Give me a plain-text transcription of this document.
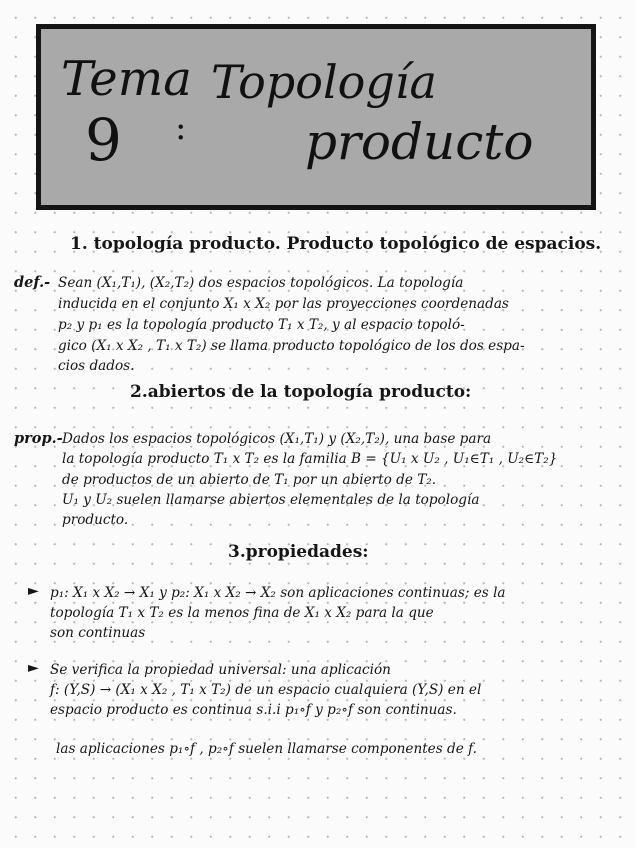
Tema
9 :
Topología
producto
1. topología producto. Producto topológico de espacios.
def.- Sean (X₁,T₁), (X₂,T₂) dos espacios topológicos. La topología
inducida en el conjunto X₁ x X₂ por las proyecciones coordenadas
p₂ y p₁ es la topología producto T₁ x T₂, y al espacio topoló-
gico (X₁ x X₂ , T₁ x T₂) se llama producto topológico de los dos espa-
cios dados.
2.abiertos de la topología producto:
prop.- Dados los espacios topológicos (X₁,T₁) y (X₂,T₂), una base para
la topología producto T₁ x T₂ es la familia B = {U₁ x U₂ , U₁∈T₁ , U₂∈T₂}
de productos de un abierto de T₁ por un abierto de T₂.
U₁ y U₂ suelen llamarse abiertos elementales de la topología
producto.
3.propiedades:
► p₁: X₁ x X₂ → X₁ y p₂: X₁ x X₂ → X₂ son aplicaciones continuas; es la
topología T₁ x T₂ es la menos fina de X₁ x X₂ para la que
son continuas
► Se verifica la propiedad universal: una aplicación
f: (Y,S) → (X₁ x X₂ , T₁ x T₂) de un espacio cualquiera (Y,S) en el
espacio producto es continua s.i.i p₁∘f y p₂∘f son continuas.
las aplicaciones p₁∘f , p₂∘f suelen llamarse componentes de f.
